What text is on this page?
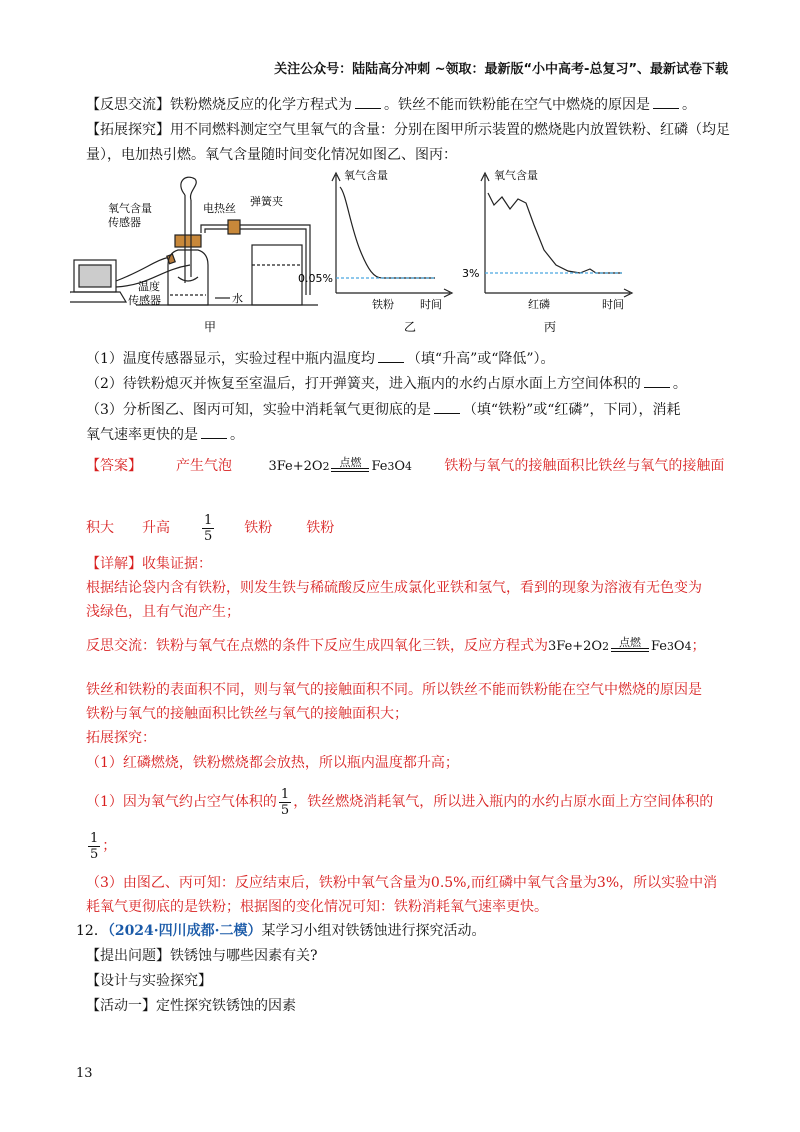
关注公众号：陆陆高分冲刺 ~领取：最新版“小中高考-总复习”、最新试卷下载
【反思交流】铁粉燃烧反应的化学方程式为 。铁丝不能而铁粉能在空气中燃烧的原因是 。
【拓展探究】用不同燃料测定空气里氧气的含量：分别在图甲所示装置的燃烧匙内放置铁粉、红磷（均足
量），电加热引燃。氧气含量随时间变化情况如图乙、图丙：
氧气含量
传感器
电热丝
弹簧夹
温度
传感器	水
甲
氧气含量
0.05%
铁粉 时间
乙
氧气含量
3%
红磷	时间
丙
（1）温度传感器显示，实验过程中瓶内温度均 （填“升高”或“降低”）。
（2）待铁粉熄灭并恢复至室温后，打开弹簧夹，进入瓶内的水约占原水面上方空间体积的 。
（3）分析图乙、图丙可知，实验中消耗氧气更彻底的是 （填“铁粉”或“红磷”，下同），消耗
氧气速率更快的是 。
【答案】 产生气泡	3Fe+2O 2 点燃 Fe 3 O 4 铁粉与氧气的接触面积比铁丝与氧气的接触面
积大 升高 $\frac{1}{5}$ 铁粉 铁粉
【详解】收集证据：
根据结论袋内含有铁粉，则发生铁与稀硫酸反应生成氯化亚铁和氢气，看到的现象为溶液有无色变为
浅绿色，且有气泡产生；
反思交流：铁粉与氧气在点燃的条件下反应生成四氧化三铁，反应方程式为 3Fe+2O 2 点燃 Fe 3 O 4 ；
铁丝和铁粉的表面积不同，则与氧气的接触面积不同。所以铁丝不能而铁粉能在空气中燃烧的原因是
铁粉与氧气的接触面积比铁丝与氧气的接触面积大；
拓展探究：
（1）红磷燃烧，铁粉燃烧都会放热，所以瓶内温度都升高；
（1）因为氧气约占空气体积的 $\frac{1}{5}$ ，铁丝燃烧消耗氧气，所以进入瓶内的水约占原水面上方空间体积的
$\frac{1}{5}$ ；
（3）由图乙、丙可知：反应结束后，铁粉中氧气含量为0.5%,而红磷中氧气含量为3%，所以实验中消
耗氧气更彻底的是铁粉；根据图的变化情况可知：铁粉消耗氧气速率更快。
12．（2024·四川成都·二模）某学习小组对铁锈蚀进行探究活动。
【提出问题】铁锈蚀与哪些因素有关?
【设计与实验探究】
【活动一】定性探究铁锈蚀的因素
13
